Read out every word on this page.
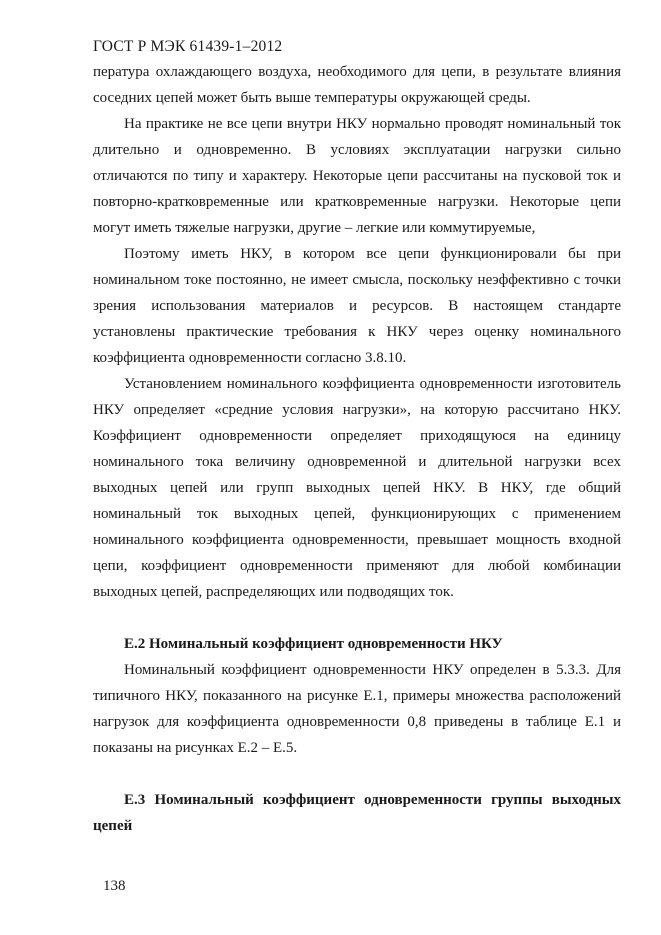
ГОСТ Р МЭК 61439-1–2012

пература охлаждающего воздуха, необходимого для цепи, в результате влияния соседних цепей может быть выше температуры окружающей среды.

На практике не все цепи внутри НКУ нормально проводят номинальный ток длительно и одновременно. В условиях эксплуатации нагрузки сильно отличаются по типу и характеру. Некоторые цепи рассчитаны на пусковой ток и повторно-кратковременные или кратковременные нагрузки. Некоторые цепи могут иметь тяжелые нагрузки, другие – легкие или коммутируемые,

Поэтому иметь НКУ, в котором все цепи функционировали бы при номинальном токе постоянно, не имеет смысла, поскольку неэффективно с точки зрения использования материалов и ресурсов. В настоящем стандарте установлены практические требования к НКУ через оценку номинального коэффициента одновременности согласно 3.8.10.

Установлением номинального коэффициента одновременности изготовитель НКУ определяет «средние условия нагрузки», на которую рассчитано НКУ. Коэффициент одновременности определяет приходящуюся на единицу номинального тока величину одновременной и длительной нагрузки всех выходных цепей или групп выходных цепей НКУ. В НКУ, где общий номинальный ток выходных цепей, функционирующих с применением номинального коэффициента одновременности, превышает мощность входной цепи, коэффициент одновременности применяют для любой комбинации выходных цепей, распределяющих или подводящих ток.

Е.2 Номинальный коэффициент одновременности НКУ

Номинальный коэффициент одновременности НКУ определен в 5.3.3. Для типичного НКУ, показанного на рисунке Е.1, примеры множества расположений нагрузок для коэффициента одновременности 0,8 приведены в таблице Е.1 и показаны на рисунках Е.2 – Е.5.

Е.3 Номинальный коэффициент одновременности группы выходных цепей

138
